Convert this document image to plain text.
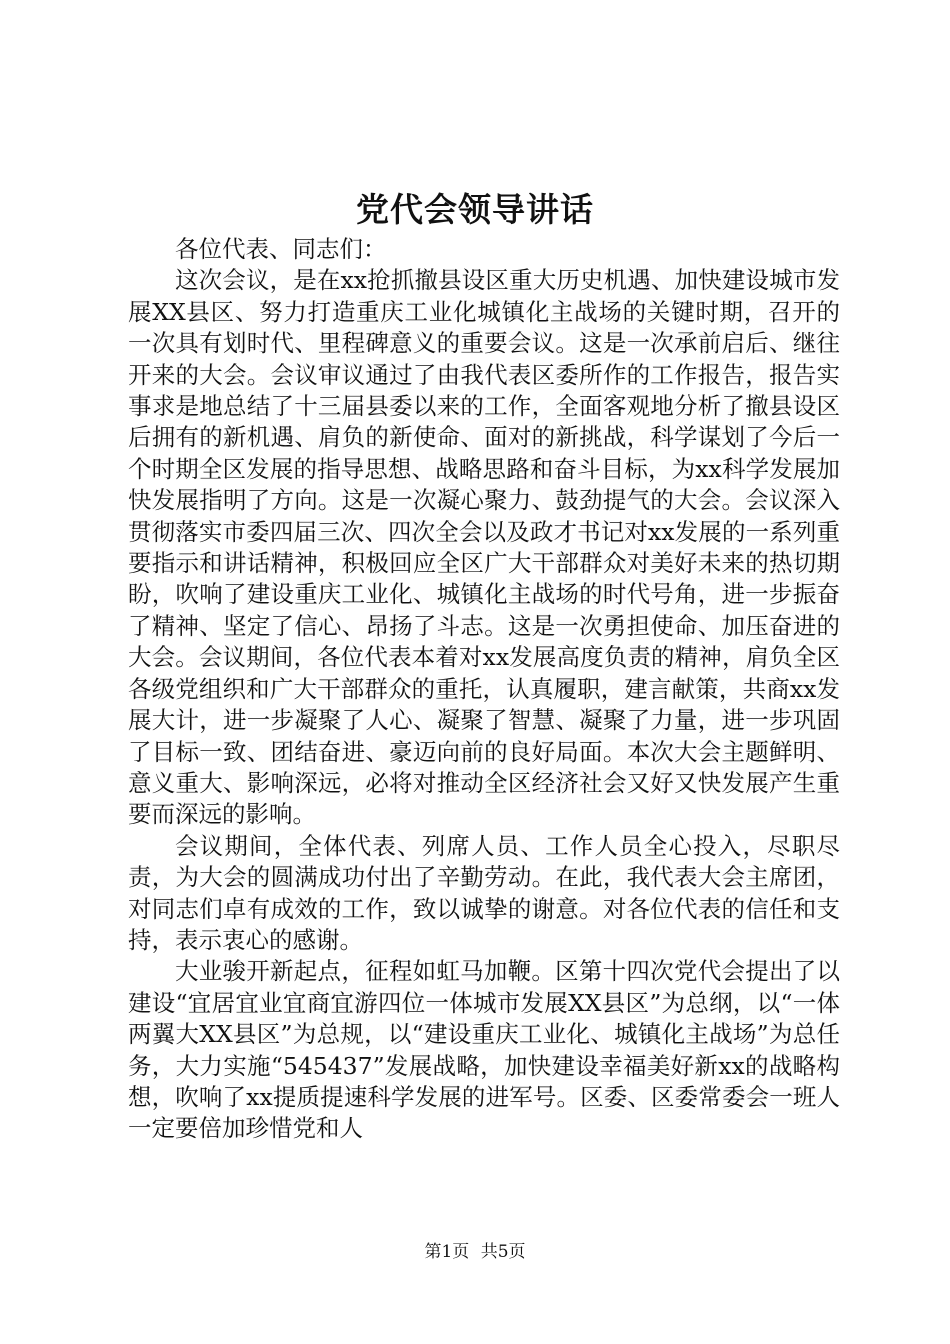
党代会领导讲话

各位代表、同志们：

这次会议，是在xx抢抓撤县设区重大历史机遇、加快建设城市发展XX县区、努力打造重庆工业化城镇化主战场的关键时期，召开的一次具有划时代、里程碑意义的重要会议。这是一次承前启后、继往开来的大会。会议审议通过了由我代表区委所作的工作报告，报告实事求是地总结了十三届县委以来的工作，全面客观地分析了撤县设区后拥有的新机遇、肩负的新使命、面对的新挑战，科学谋划了今后一个时期全区发展的指导思想、战略思路和奋斗目标，为xx科学发展加快发展指明了方向。这是一次凝心聚力、鼓劲提气的大会。会议深入贯彻落实市委四届三次、四次全会以及政才书记对xx发展的一系列重要指示和讲话精神，积极回应全区广大干部群众对美好未来的热切期盼，吹响了建设重庆工业化、城镇化主战场的时代号角，进一步振奋了精神、坚定了信心、昂扬了斗志。这是一次勇担使命、加压奋进的大会。会议期间，各位代表本着对xx发展高度负责的精神，肩负全区各级党组织和广大干部群众的重托，认真履职，建言献策，共商xx发展大计，进一步凝聚了人心、凝聚了智慧、凝聚了力量，进一步巩固了目标一致、团结奋进、豪迈向前的良好局面。本次大会主题鲜明、意义重大、影响深远，必将对推动全区经济社会又好又快发展产生重要而深远的影响。

会议期间，全体代表、列席人员、工作人员全心投入，尽职尽责，为大会的圆满成功付出了辛勤劳动。在此，我代表大会主席团，对同志们卓有成效的工作，致以诚挚的谢意。对各位代表的信任和支持，表示衷心的感谢。

大业骏开新起点，征程如虹马加鞭。区第十四次党代会提出了以建设“宜居宜业宜商宜游四位一体城市发展XX县区”为总纲，以“一体两翼大XX县区”为总规，以“建设重庆工业化、城镇化主战场”为总任务，大力实施“545437”发展战略，加快建设幸福美好新xx的战略构想，吹响了xx提质提速科学发展的进军号。区委、区委常委会一班人一定要倍加珍惜党和人

第1页 共5页
